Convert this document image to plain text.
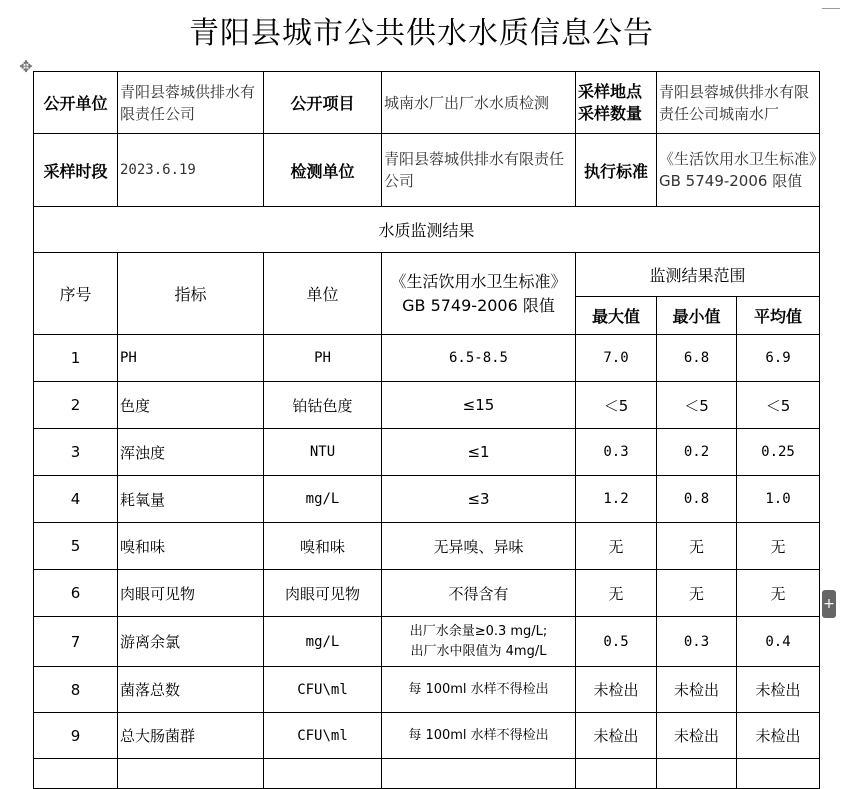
青阳县城市公共供水水质信息公告
✥
+
公开单位	青阳县蓉城供排水有限责任公司	公开项目	城南水厂出厂水水质检测	采样地点采样数量	青阳县蓉城供排水有限责任公司城南水厂	
采样时段	2023.6.19	检测单位	青阳县蓉城供排水有限责任公司	执行标准	《生活饮用水卫生标准》GB 5749-2006 限值	
水质监测结果						
序号	指标	单位	《生活饮用水卫生标准》
GB 5749-2006 限值	监测结果范围		
				最大值	最小值	平均值
1	PH	PH	6.5-8.5	7.0	6.8	6.9
2	色度	铂钴色度	≤15	＜5	＜5	＜5
3	浑浊度	NTU	≤1	0.3	0.2	0.25
4	耗氧量	mg/L	≤3	1.2	0.8	1.0
5	嗅和味	嗅和味	无异嗅、异味	无	无	无
6	肉眼可见物	肉眼可见物	不得含有	无	无	无
7	游离余氯	mg/L	出厂水余量≥0.3 mg/L;
出厂水中限值为 4mg/L	0.5	0.3	0.4
8	菌落总数	CFU\ml	每 100ml 水样不得检出	未检出	未检出	未检出
9	总大肠菌群	CFU\ml	每 100ml 水样不得检出	未检出	未检出	未检出
